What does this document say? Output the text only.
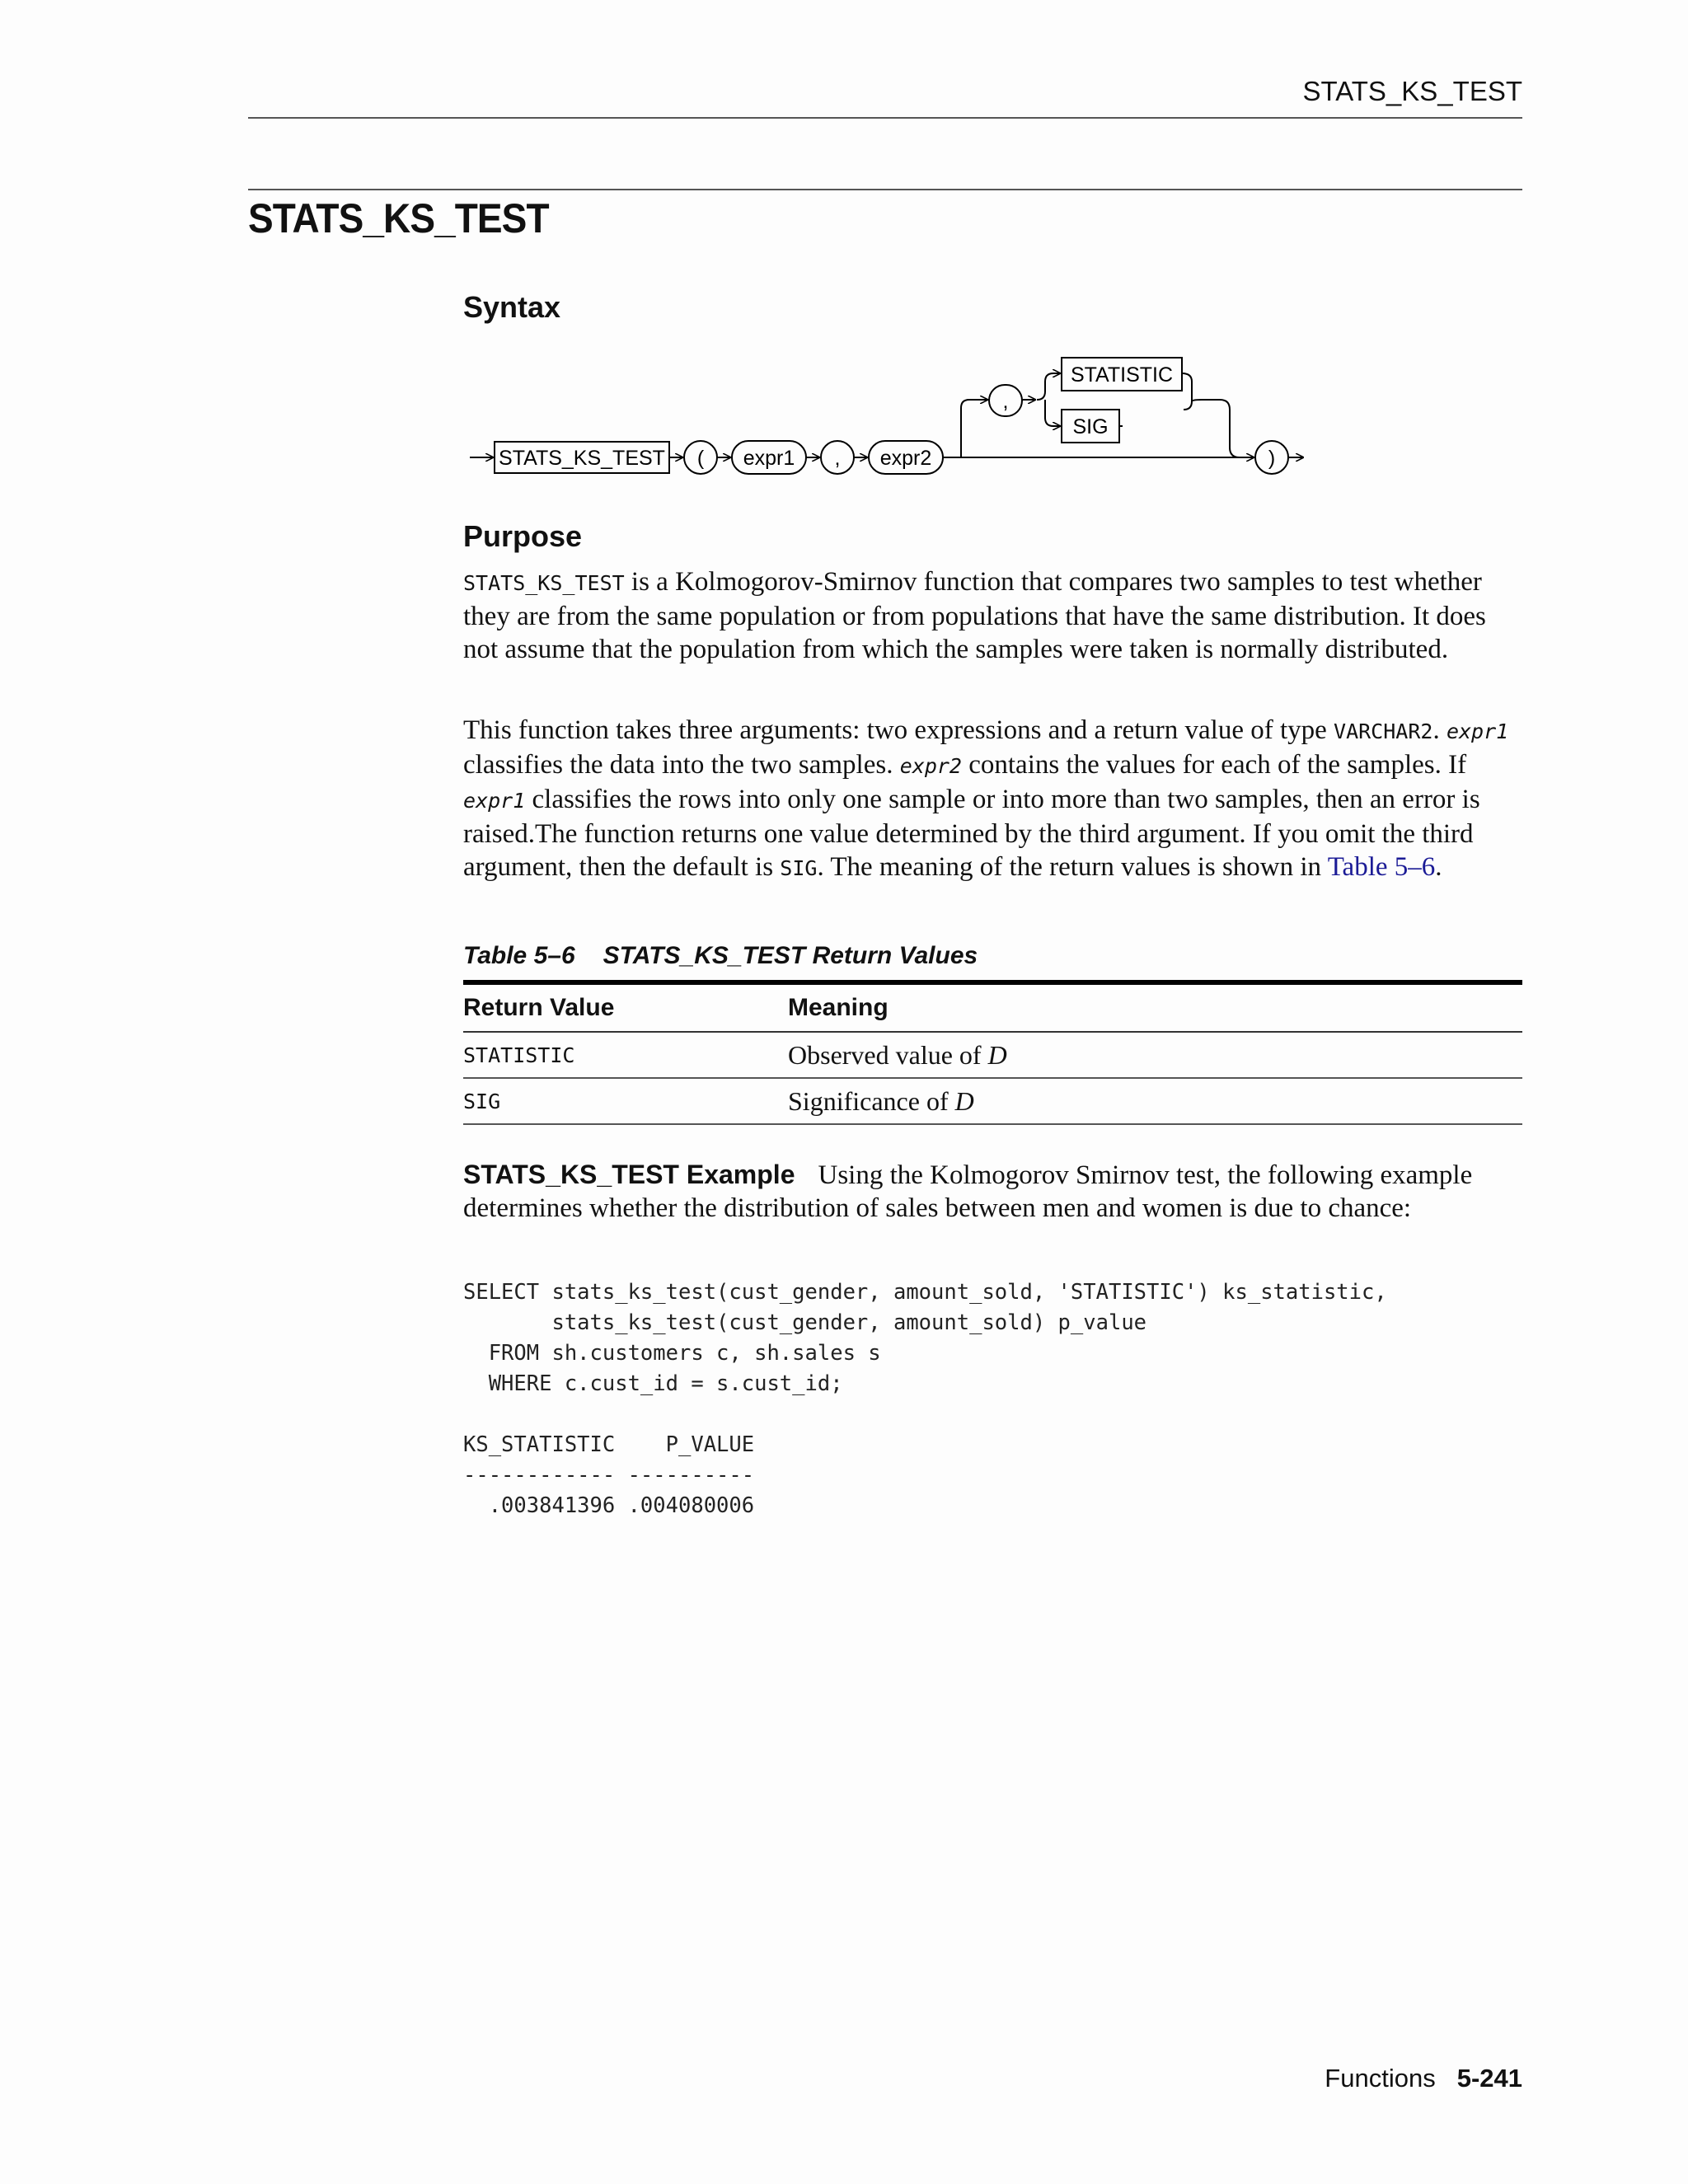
STATS_KS_TEST
STATS_KS_TEST
Syntax
STATS_KS_TEST ( expr1 , expr2
,
STATISTIC
SIG
)
Purpose

STATS_KS_TEST is a Kolmogorov-Smirnov function that compares two samples to test whether they are from the same population or from populations that have the same distribution. It does not assume that the population from which the samples were taken is normally distributed.

This function takes three arguments: two expressions and a return value of type VARCHAR2. expr1 classifies the data into the two samples. expr2 contains the values for each of the samples. If expr1 classifies the rows into only one sample or into more than two samples, then an error is raised.The function returns one value determined by the third argument. If you omit the third argument, then the default is SIG. The meaning of the return values is shown in Table 5–6.

Table 5–6 STATS_KS_TEST Return Values
Return Value	Meaning
STATISTIC	Observed value of D
SIG	Significance of D

STATS_KS_TEST Example Using the Kolmogorov Smirnov test, the following example determines whether the distribution of sales between men and women is due to chance:

SELECT stats_ks_test(cust_gender, amount_sold, 'STATISTIC') ks_statistic,
stats_ks_test(cust_gender, amount_sold) p_value
FROM sh.customers c, sh.sales s
WHERE c.cust_id = s.cust_id;

KS_STATISTIC    P_VALUE
------------ ----------
.003841396 .004080006
Functions 5-241
